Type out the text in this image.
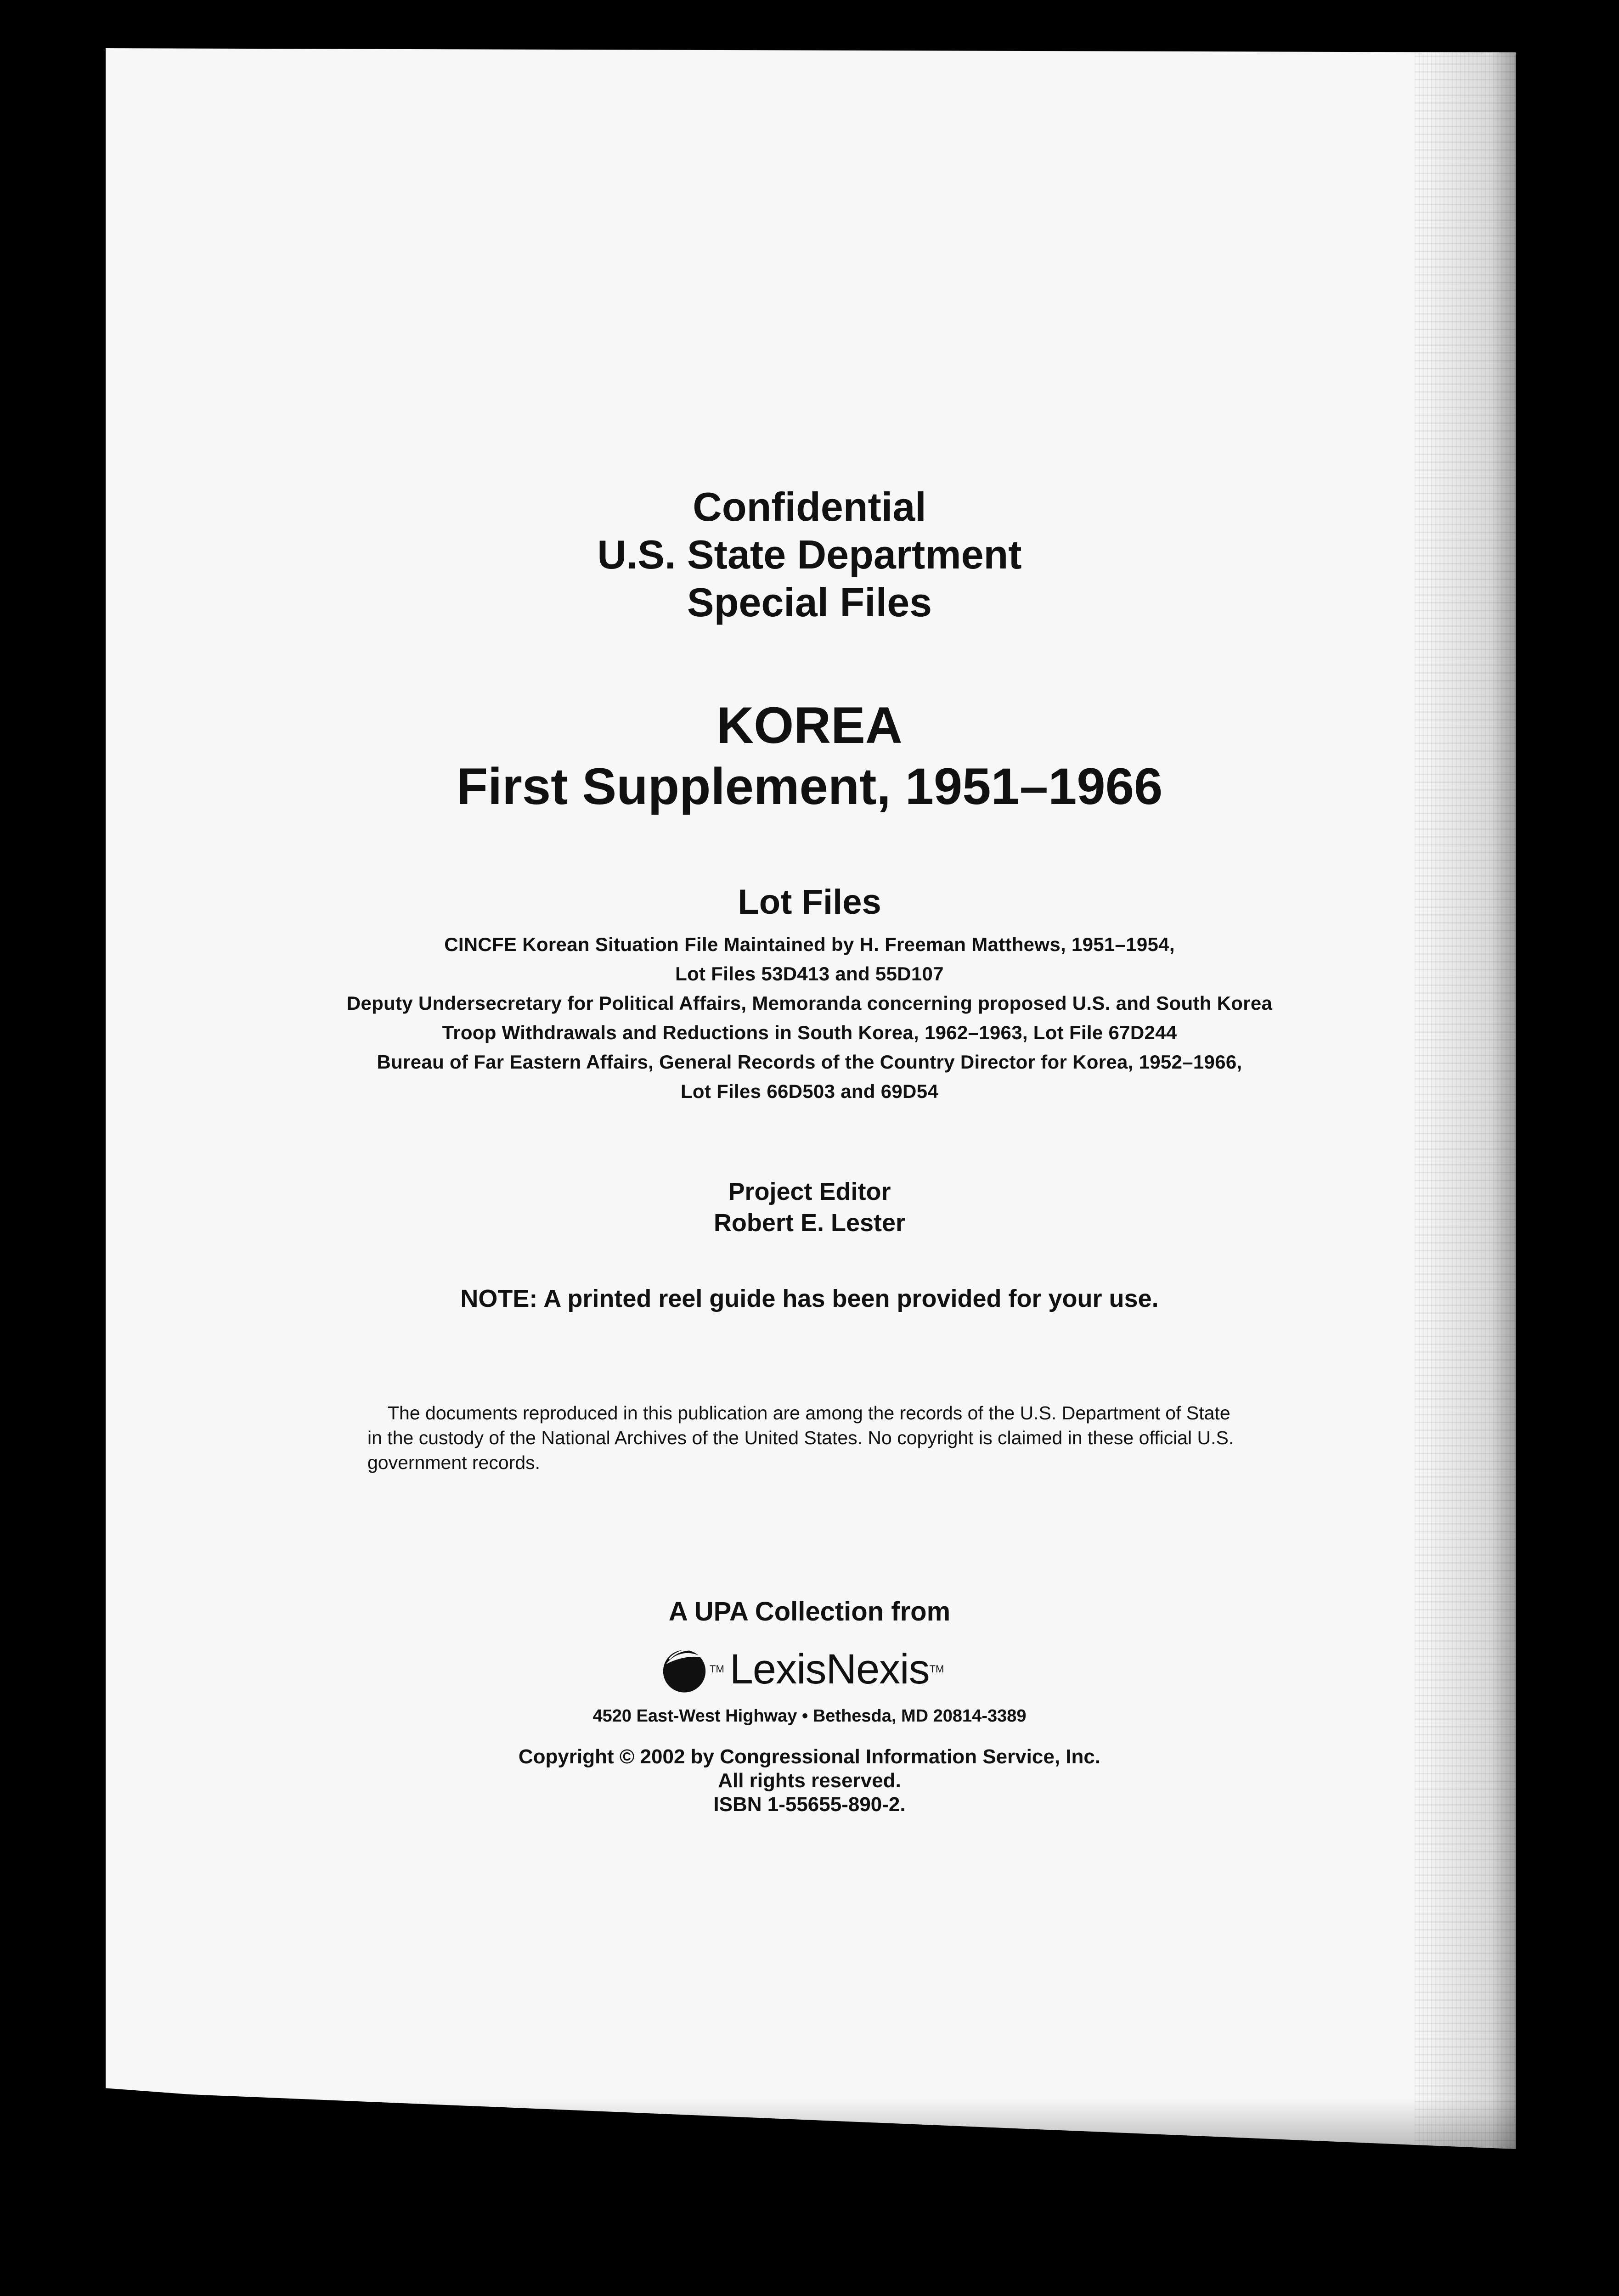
Confidential

U.S. State Department

Special Files

KOREA

First Supplement, 1951–1966

Lot Files

CINCFE Korean Situation File Maintained by H. Freeman Matthews, 1951–1954,

Lot Files 53D413 and 55D107

Deputy Undersecretary for Political Affairs, Memoranda concerning proposed U.S. and South Korea

Troop Withdrawals and Reductions in South Korea, 1962–1963, Lot File 67D244

Bureau of Far Eastern Affairs, General Records of the Country Director for Korea, 1952–1966,

Lot Files 66D503 and 69D54

Project Editor

Robert E. Lester

NOTE: A printed reel guide has been provided for your use.

The documents reproduced in this publication are among the records of the U.S. Department of State

in the custody of the National Archives of the United States. No copyright is claimed in these official U.S.

government records.

A UPA Collection from

TM LexisNexis TM

4520 East-West Highway • Bethesda, MD 20814-3389

Copyright © 2002 by Congressional Information Service, Inc.

All rights reserved.

ISBN 1-55655-890-2.
